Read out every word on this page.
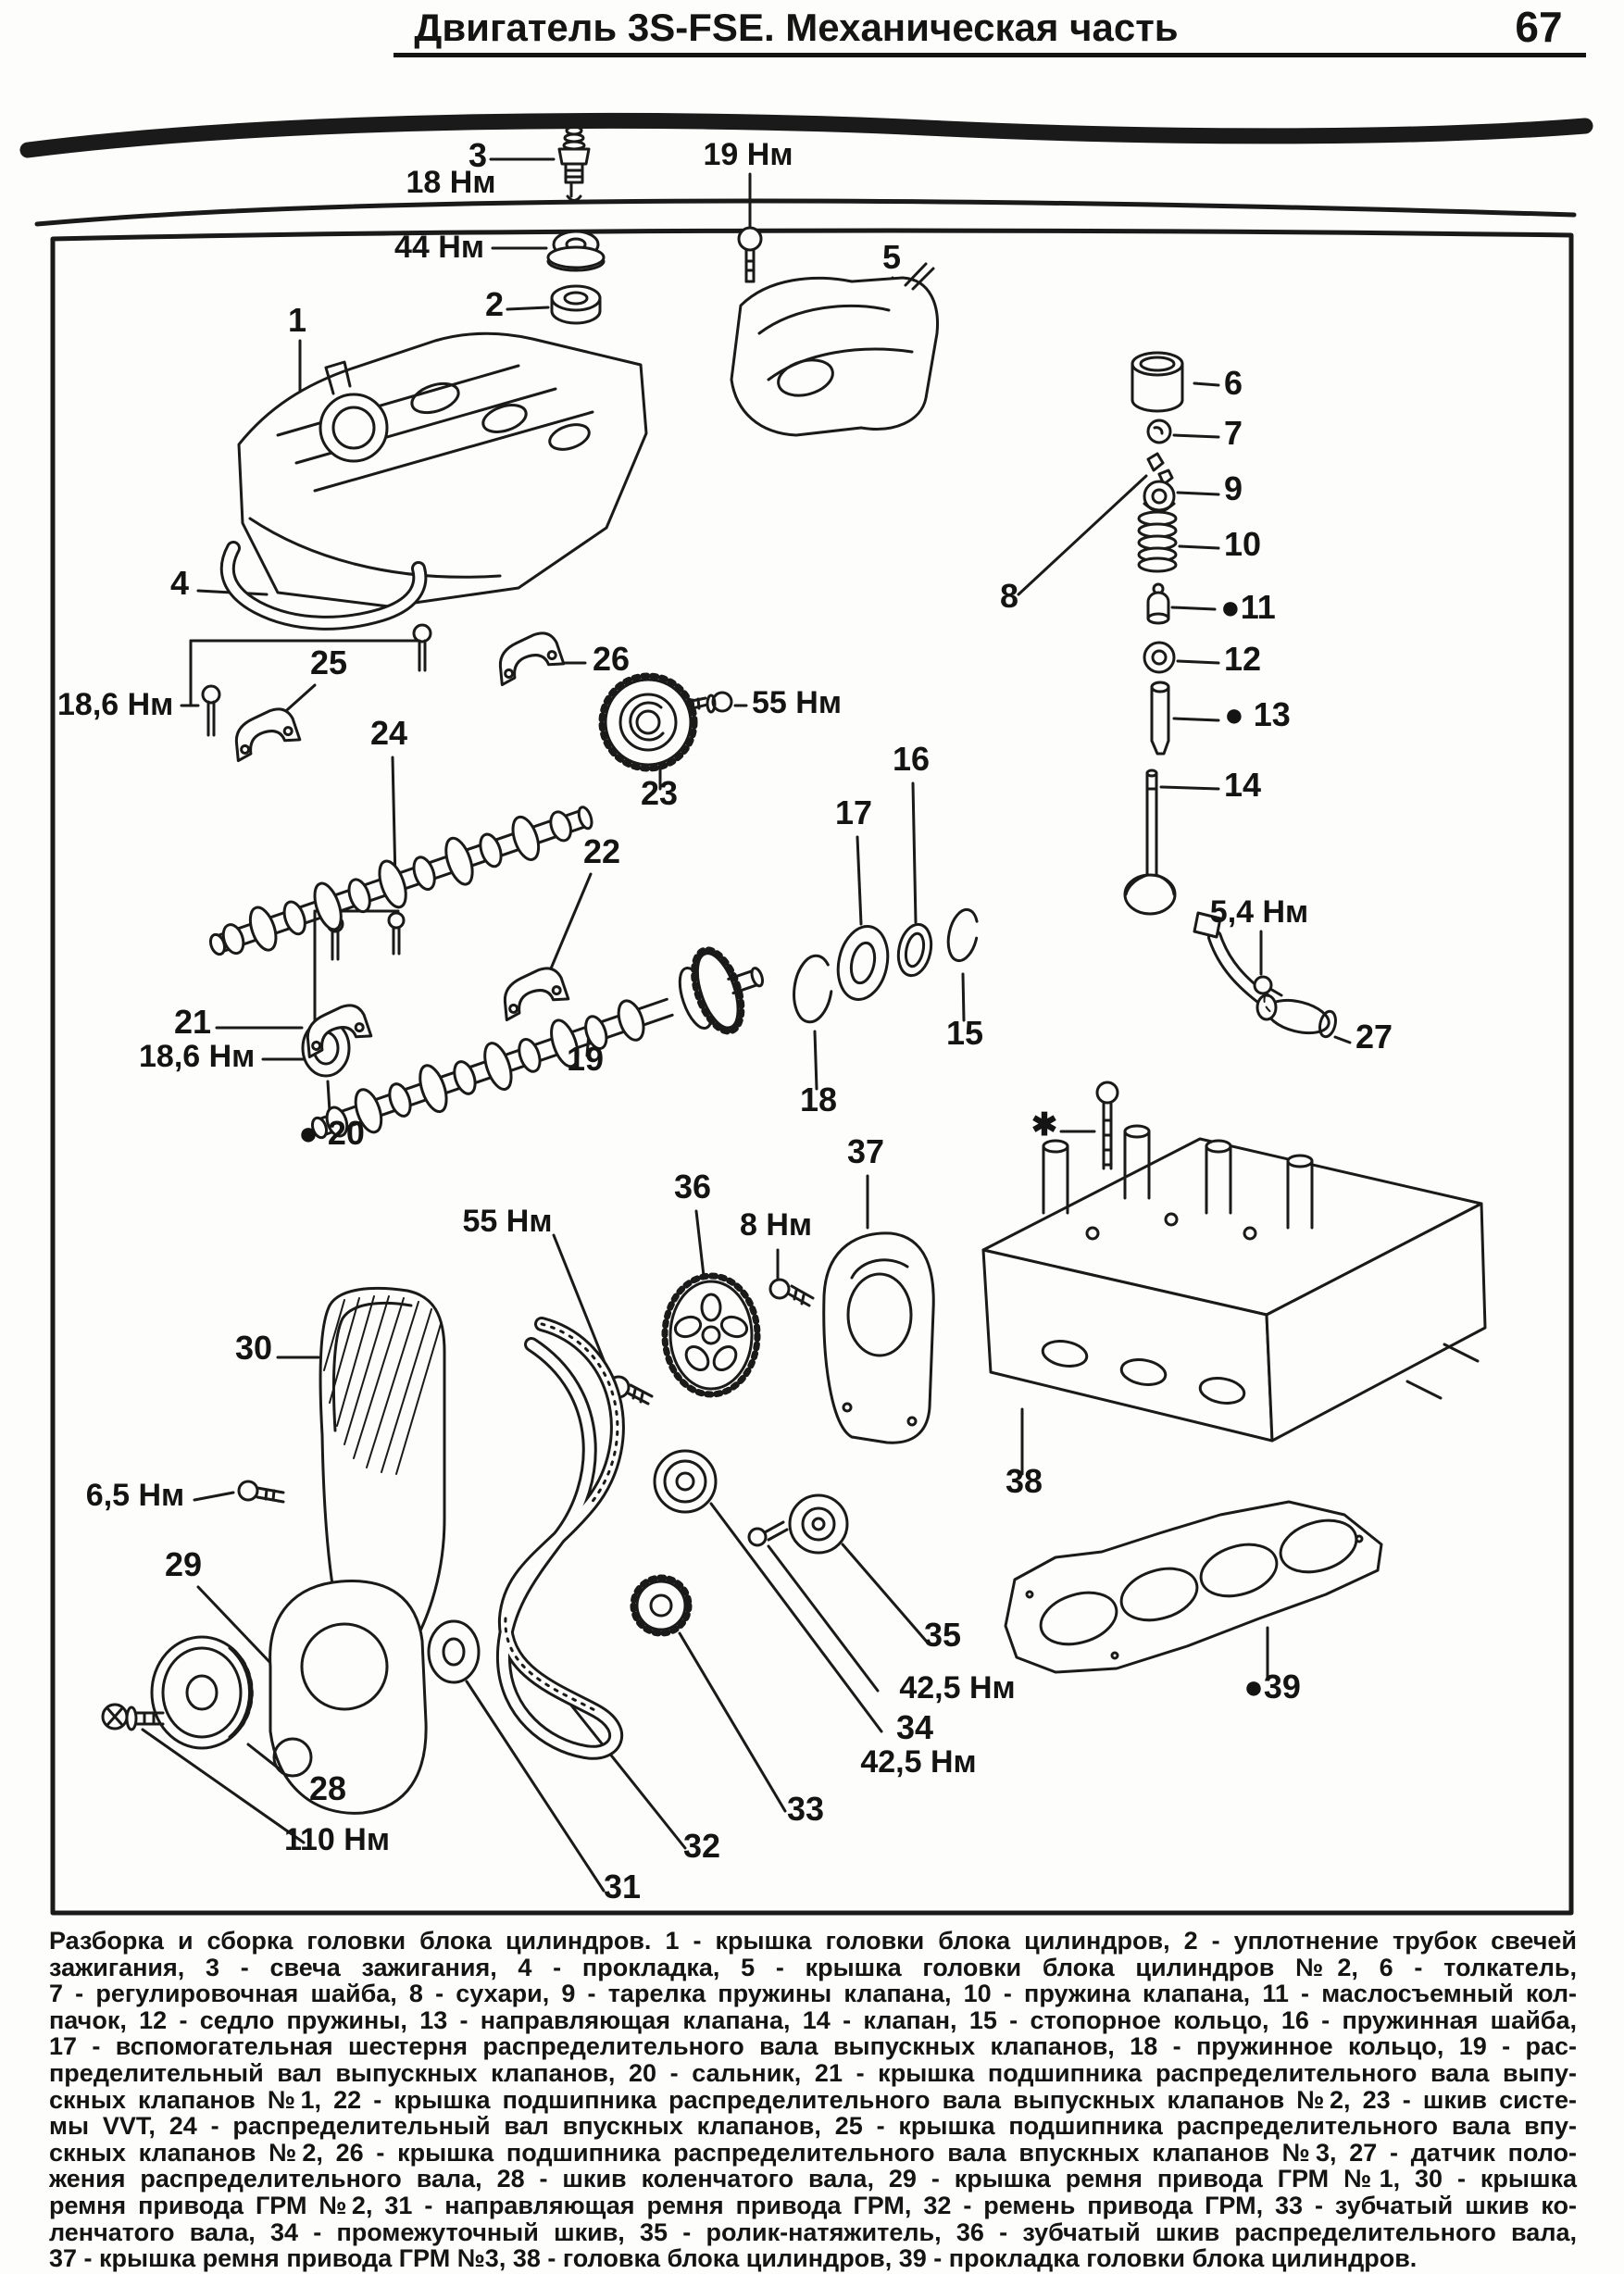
Двигатель 3S-FSE. Механическая часть	67
1	2
3
4
5
6
7
8
9
10
●11
12
● 13
14
15
16
17
18
19
● 20
21
22
23
24
25	26
27
28
29
30
31
32
33
34
35
36
37
38
●39
18 Нм
44 Нм
19 Нм
18,6 Нм
18,6 Нм
55 Нм
55 Нм
5,4 Нм
8 Нм
6,5 Нм
42,5 Нм
42,5 Нм
110 Нм
✱
Разборка и сборка головки блока цилиндров. 1 - крышка головки блока цилиндров, 2 - уплотнение трубок свечей
зажигания, 3 - свеча зажигания, 4 - прокладка, 5 - крышка головки блока цилиндров №2, 6 - толкатель,
7 - регулировочная шайба, 8 - сухари, 9 - тарелка пружины клапана, 10 - пружина клапана, 11 - маслосъемный кол-
пачок, 12 - седло пружины, 13 - направляющая клапана, 14 - клапан, 15 - стопорное кольцо, 16 - пружинная шайба,
17 - вспомогательная шестерня распределительного вала выпускных клапанов, 18 - пружинное кольцо, 19 - рас-
пределительный вал выпускных клапанов, 20 - сальник, 21 - крышка подшипника распределительного вала выпу-
скных клапанов №1, 22 - крышка подшипника распределительного вала выпускных клапанов №2, 23 - шкив систе-
мы VVT, 24 - распределительный вал впускных клапанов, 25 - крышка подшипника распределительного вала впу-
скных клапанов №2, 26 - крышка подшипника распределительного вала впускных клапанов №3, 27 - датчик поло-
жения распределительного вала, 28 - шкив коленчатого вала, 29 - крышка ремня привода ГРМ №1, 30 - крышка
ремня привода ГРМ №2, 31 - направляющая ремня привода ГРМ, 32 - ремень привода ГРМ, 33 - зубчатый шкив ко-
ленчатого вала, 34 - промежуточный шкив, 35 - ролик-натяжитель, 36 - зубчатый шкив распределительного вала,
37 - крышка ремня привода ГРМ №3, 38 - головка блока цилиндров, 39 - прокладка головки блока цилиндров.
